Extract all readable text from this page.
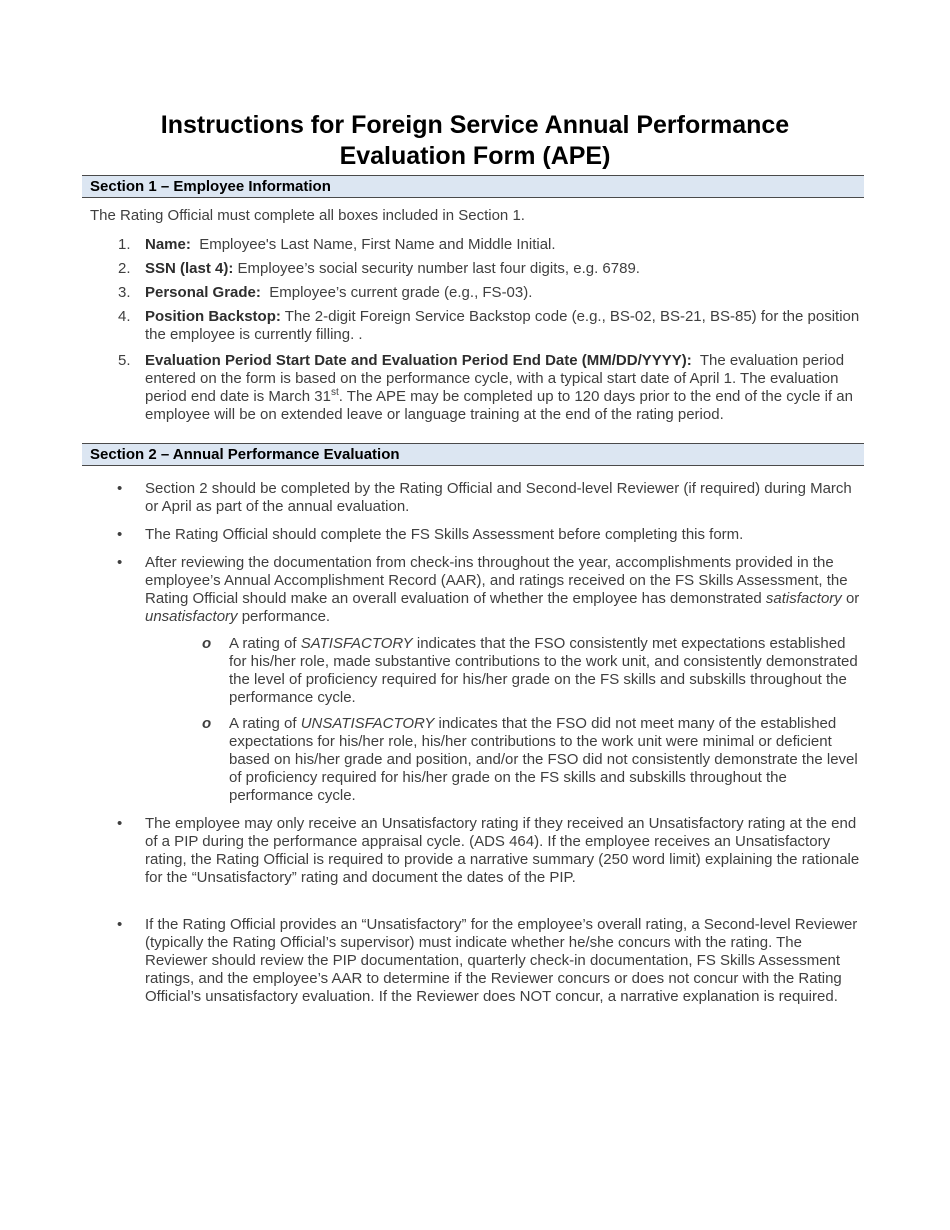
Instructions for Foreign Service Annual Performance
Evaluation Form (APE)
Section 1 – Employee Information
The Rating Official must complete all boxes included in Section 1.
1. Name: Employee's Last Name, First Name and Middle Initial.

2. SSN (last 4): Employee’s social security number last four digits, e.g. 6789.

3. Personal Grade: Employee’s current grade (e.g., FS-03).

4. Position Backstop: The 2-digit Foreign Service Backstop code (e.g., BS-02, BS-21, BS-85) for the position the employee is currently filling. .

5. Evaluation Period Start Date and Evaluation Period End Date (MM/DD/YYYY): The evaluation period entered on the form is based on the performance cycle, with a typical start date of April 1. The evaluation period end date is March 31st. The APE may be completed up to 120 days prior to the end of the cycle if an employee will be on extended leave or language training at the end of the rating period.

Section 2 – Annual Performance Evaluation
• Section 2 should be completed by the Rating Official and Second-level Reviewer (if required) during March or April as part of the annual evaluation.

• The Rating Official should complete the FS Skills Assessment before completing this form.

• After reviewing the documentation from check-ins throughout the year, accomplishments provided in the employee’s Annual Accomplishment Record (AAR), and ratings received on the FS Skills Assessment, the Rating Official should make an overall evaluation of whether the employee has demonstrated satisfactory or unsatisfactory performance.

o A rating of SATISFACTORY indicates that the FSO consistently met expectations established for his/her role, made substantive contributions to the work unit, and consistently demonstrated the level of proficiency required for his/her grade on the FS skills and subskills throughout the performance cycle.

o A rating of UNSATISFACTORY indicates that the FSO did not meet many of the established expectations for his/her role, his/her contributions to the work unit were minimal or deficient based on his/her grade and position, and/or the FSO did not consistently demonstrate the level of proficiency required for his/her grade on the FS skills and subskills throughout the performance cycle.

• The employee may only receive an Unsatisfactory rating if they received an Unsatisfactory rating at the end of a PIP during the performance appraisal cycle. (ADS 464). If the employee receives an Unsatisfactory rating, the Rating Official is required to provide a narrative summary (250 word limit) explaining the rationale for the “Unsatisfactory” rating and document the dates of the PIP.

• If the Rating Official provides an “Unsatisfactory” for the employee’s overall rating, a Second-level Reviewer (typically the Rating Official’s supervisor) must indicate whether he/she concurs with the rating. The Reviewer should review the PIP documentation, quarterly check-in documentation, FS Skills Assessment ratings, and the employee’s AAR to determine if the Reviewer concurs or does not concur with the Rating Official’s unsatisfactory evaluation. If the Reviewer does NOT concur, a narrative explanation is required.
